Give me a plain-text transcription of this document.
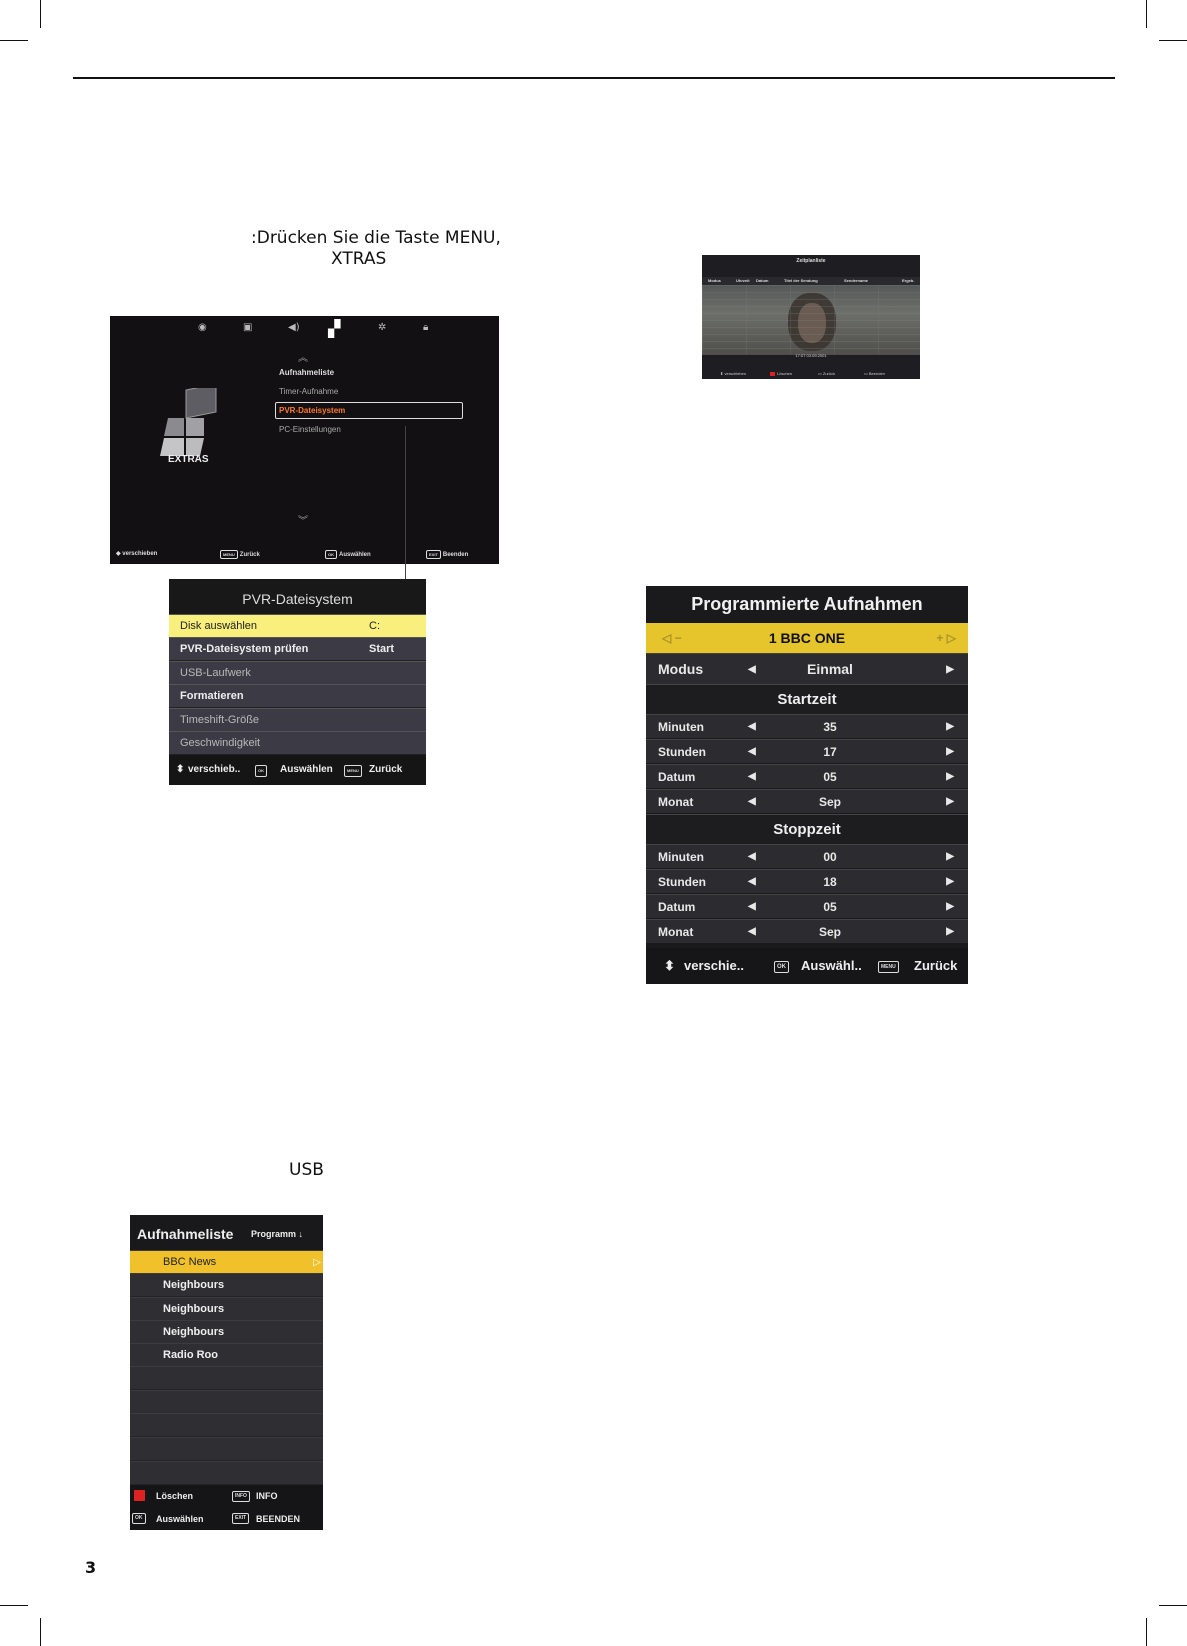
:Drücken Sie die Taste MENU,
XTRAS
USB
◉	▣	◀) ▞	✲	🔒︎
︽
Aufnahmeliste
Timer-Aufnahme
PVR-Dateisystem
PC-Einstellungen
︾
EXTRAS
◆ verschieben	MENU Zurück	OK Auswählen	EXIT Beenden
PVR-Dateisystem
Disk auswählen	C:
PVR-Dateisystem prüfen	Start
USB-Laufwerk
Formatieren
Timeshift-Größe
Geschwindigkeit
⬍ verschieb..	OK	Auswählen	MENU	Zurück
Zeitplanliste
Modus	Uhrzeit Datum	Titel der Sendung	Sendername	Ergeb.
17:07 03.09.2001
⬍ verschieben	Löschen	▭ Zurück	▭ Beenden
Programmierte Aufnahmen
◁ −	1 BBC ONE	+ ▷
Modus	◀	Einmal	▶
Startzeit
Minuten	◀	35	▶
Stunden	◀	17	▶
Datum	◀	05	▶
Monat	◀	Sep	▶
Stoppzeit
Minuten	◀	00	▶
Stunden	◀	18	▶
Datum	◀	05	▶
Monat	◀	Sep	▶
⬍ verschie..	OK Auswähl..	MENU Zurück
Aufnahmeliste Programm ↓
BBC News	▷
Neighbours
Neighbours
Neighbours
Radio Roo
Löschen	INFO	INFO
OK	Auswählen	EXIT	BEENDEN
3
